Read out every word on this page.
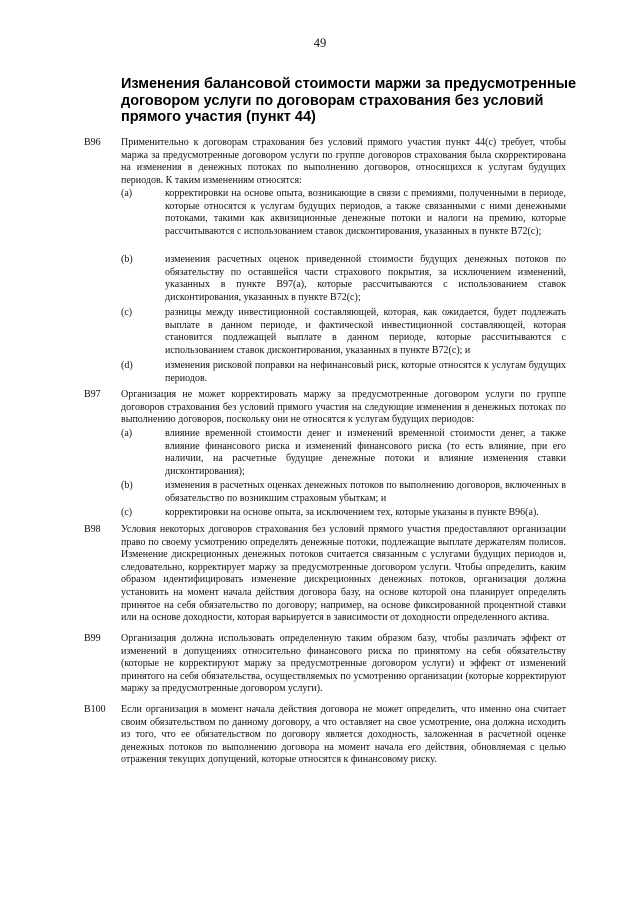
49
Изменения балансовой стоимости маржи за предусмотренные договором услуги по договорам страхования без условий прямого участия (пункт 44)
B96	Применительно к договорам страхования без условий прямого участия пункт 44(с) требует, чтобы маржа за предусмотренные договором услуги по группе договоров страхования была скорректирована на изменения в денежных потоках по выполнению договоров, относящихся к услугам будущих периодов. К таким изменениям относятся:
(a)	корректировки на основе опыта, возникающие в связи с премиями, полученными в периоде, которые относятся к услугам будущих периодов, а также связанными с ними денежными потоками, такими как аквизиционные денежные потоки и налоги на премию, которые рассчитываются с использованием ставок дисконтирования, указанных в пункте B72(с);
(b)	изменения расчетных оценок приведенной стоимости будущих денежных потоков по обязательству по оставшейся части страхового покрытия, за исключением изменений, указанных в пункте B97(a), которые рассчитываются с использованием ставок дисконтирования, указанных в пункте B72(с);
(c)	разницы между инвестиционной составляющей, которая, как ожидается, будет подлежать выплате в данном периоде, и фактической инвестиционной составляющей, которая становится подлежащей выплате в данном периоде, которые рассчитываются с использованием ставок дисконтирования, указанных в пункте B72(с); и
(d)	изменения рисковой поправки на нефинансовый риск, которые относятся к услугам будущих периодов.
B97	Организация не может корректировать маржу за предусмотренные договором услуги по группе договоров страхования без условий прямого участия на следующие изменения в денежных потоках по выполнению договоров, поскольку они не относятся к услугам будущих периодов:
(a)	влияние временной стоимости денег и изменений временной стоимости денег, а также влияние финансового риска и изменений финансового риска (то есть влияние, при его наличии, на расчетные будущие денежные потоки и влияние изменения ставки дисконтирования);
(b)	изменения в расчетных оценках денежных потоков по выполнению договоров, включенных в обязательство по возникшим страховым убыткам; и
(c)	корректировки на основе опыта, за исключением тех, которые указаны в пункте B96(a).
B98	Условия некоторых договоров страхования без условий прямого участия предоставляют организации право по своему усмотрению определять денежные потоки, подлежащие выплате держателям полисов. Изменение дискреционных денежных потоков считается связанным с услугами будущих периодов и, следовательно, корректирует маржу за предусмотренные договором услуги. Чтобы определить, каким образом идентифицировать изменение дискреционных денежных потоков, организация должна установить на момент начала действия договора базу, на основе которой она планирует определять принятое на себя обязательство по договору; например, на основе фиксированной процентной ставки или на основе доходности, которая варьируется в зависимости от доходности определенного актива.
B99	Организация должна использовать определенную таким образом базу, чтобы различать эффект от изменений в допущениях относительно финансового риска по принятому на себя обязательству (которые не корректируют маржу за предусмотренные договором услуги) и эффект от изменений принятого на себя обязательства, осуществляемых по усмотрению организации (которые корректируют маржу за предусмотренные договором услуги).
B100	Если организация в момент начала действия договора не может определить, что именно она считает своим обязательством по данному договору, а что оставляет на свое усмотрение, она должна исходить из того, что ее обязательством по договору является доходность, заложенная в расчетной оценке денежных потоков по выполнению договора на момент начала его действия, обновляемая с целью отражения текущих допущений, которые относятся к финансовому риску.
